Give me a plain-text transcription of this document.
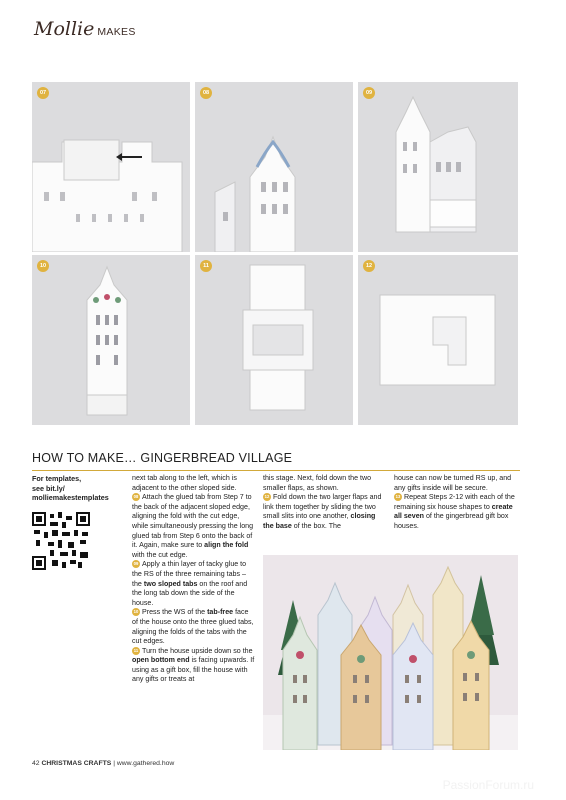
Mollie MAKES
07	08	09
10	11	12
HOW TO MAKE… GINGERBREAD VILLAGE
For templates,
see bit.ly/
molliemakestemplates
next tab along to the left, which is adjacent to the other sloped side.
08 Attach the glued tab from Step 7 to the back of the adjacent sloped edge, aligning the fold with the cut edge, while simultaneously pressing the long glued tab from Step 6 onto the back of it. Again, make sure to align the fold with the cut edge.
09 Apply a thin layer of tacky glue to the RS of the three remaining tabs – the two sloped tabs on the roof and the long tab down the side of the house.
10 Press the WS of the tab-free face of the house onto the three glued tabs, aligning the folds of the tabs with the cut edges.
11 Turn the house upside down so the open bottom end is facing upwards. If using as a gift box, fill the house with any gifts or treats at
this stage. Next, fold down the two smaller flaps, as shown.
12 Fold down the two larger flaps and link them together by sliding the two small slits into one another, closing the base of the box. The
house can now be turned RS up, and any gifts inside will be secure.
13 Repeat Steps 2-12 with each of the remaining six house shapes to create all seven of the gingerbread gift box houses.
42 CHRISTMAS CRAFTS | www.gathered.how
PassionForum.ru
